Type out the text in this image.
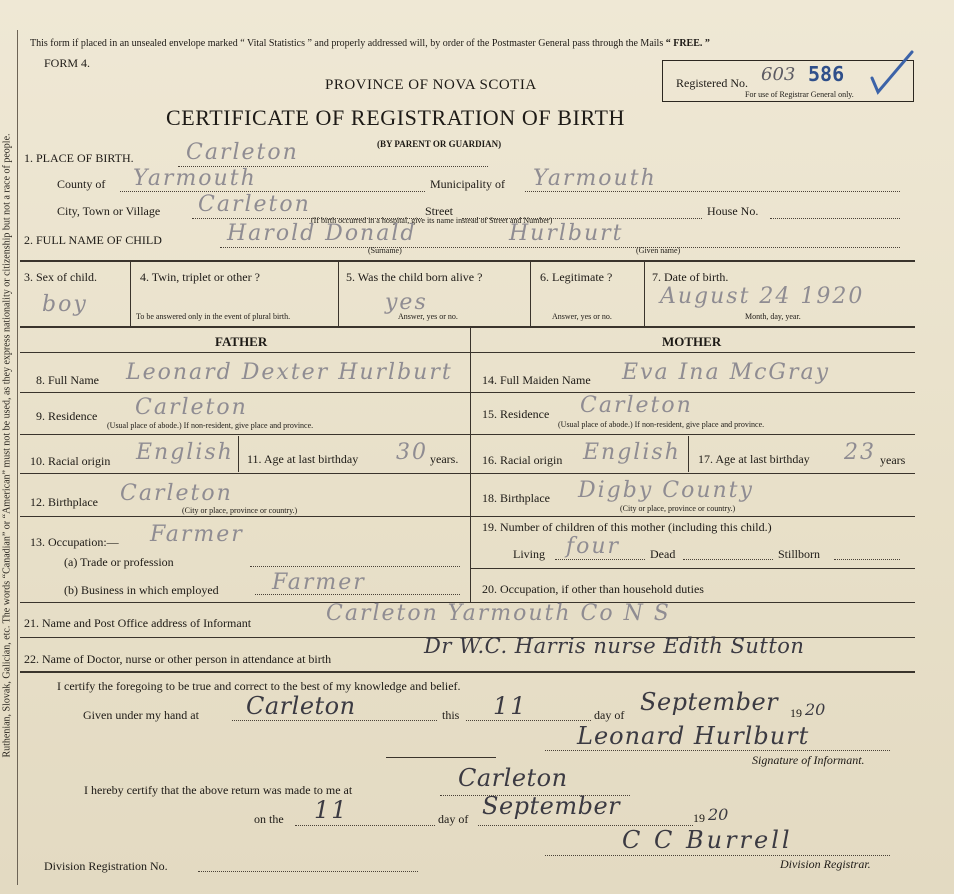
Ruthenian, Slovak, Galician, etc. The words “Canadian” or “American” must not be used, as they express nationality or citizenship but not a race of people.
This form if placed in an unsealed envelope marked “ Vital Statistics ” and properly addressed will, by order of the Postmaster General pass through the Mails “ FREE. ”
FORM 4.
PROVINCE OF NOVA SCOTIA
CERTIFICATE OF REGISTRATION OF BIRTH
(BY PARENT OR GUARDIAN)
Registered No. 603 586
For use of Registrar General only.
1. PLACE OF BIRTH. Carleton
County of Yarmouth	Municipality of Yarmouth
City, Town or Village Carleton	Street	House No.
(If birth occurred in a hospital, give its name instead of Street and Number)
2. FULL NAME OF CHILD	Harold Donald	Hurlburt
(Surname)	(Given name)
3. Sex of child.
boy
4. Twin, triplet or other ?
To be answered only in the event of plural birth.
5. Was the child born alive ?
yes
Answer, yes or no.
6. Legitimate ?
Answer, yes or no.
7. Date of birth.
August 24 1920
Month, day, year.
FATHER	MOTHER
8. Full Name Leonard Dexter Hurlburt
9. Residence Carleton
(Usual place of abode.) If non-resident, give place and province.
10. Racial origin English 11. Age at last birthday 30 years.
12. Birthplace Carleton
(City or place, province or country.)
13. Occupation:— Farmer
(a) Trade or profession
(b) Business in which employed Farmer
14. Full Maiden Name Eva Ina McGray
15. Residence Carleton
(Usual place of abode.) If non-resident, give place and province.
16. Racial origin English 17. Age at last birthday 23 years
18. Birthplace Digby County
(City or place, province or country.)
19. Number of children of this mother (including this child.)
Living four Dead	Stillborn
20. Occupation, if other than household duties
21. Name and Post Office address of Informant	Carleton Yarmouth Co N S
22. Name of Doctor, nurse or other person in attendance at birth
Dr W.C. Harris nurse Edith Sutton
I certify the foregoing to be true and correct to the best of my knowledge and belief.
Given under my hand at Carleton	this 11	day of September 19 20
Leonard Hurlburt
Signature of Informant.
I hereby certify that the above return was made to me at	Carleton
on the 11	day of September	19 20
C C Burrell
Division Registration No.	Division Registrar.
